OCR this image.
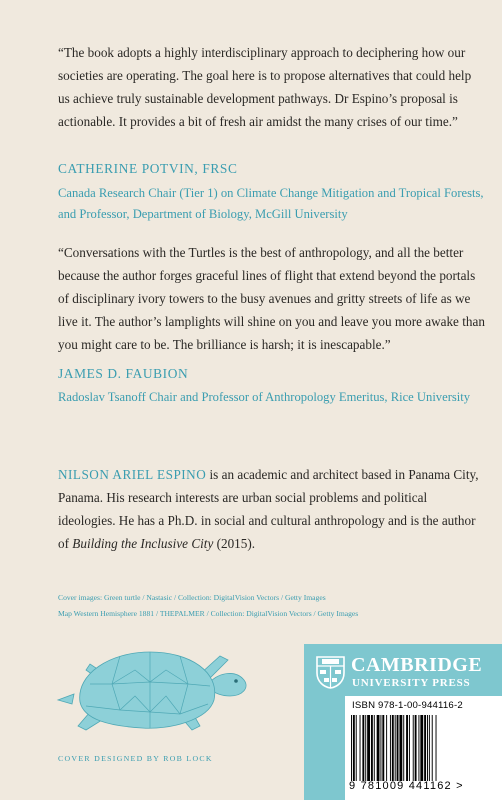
“The book adopts a highly interdisciplinary approach to deciphering how our societies are operating. The goal here is to propose alternatives that could help us achieve truly sustainable development pathways. Dr Espino’s proposal is actionable. It provides a bit of fresh air amidst the many crises of our time.”

CATHERINE POTVIN, FRSC
Canada Research Chair (Tier 1) on Climate Change Mitigation and Tropical Forests, and Professor, Department of Biology, McGill University

“Conversations with the Turtles is the best of anthropology, and all the better because the author forges graceful lines of flight that extend beyond the portals of disciplinary ivory towers to the busy avenues and gritty streets of life as we live it. The author’s lamplights will shine on you and leave you more awake than you might care to be. The brilliance is harsh; it is inescapable.”

JAMES D. FAUBION
Radoslav Tsanoff Chair and Professor of Anthropology Emeritus, Rice University
NILSON ARIEL ESPINO is an academic and architect based in Panama City, Panama. His research interests are urban social problems and political ideologies. He has a Ph.D. in social and cultural anthropology and is the author of Building the Inclusive City (2015).
Cover images: Green turtle / Nastasic / Collection: DigitalVision Vectors / Getty Images
Map Western Hemisphere 1881 / THEPALMER / Collection: DigitalVision Vectors / Getty Images
COVER DESIGNED BY ROB LOCK
CAMBRIDGE
UNIVERSITY PRESS
ISBN 978-1-00-944116-2
9 781009 441162 >
